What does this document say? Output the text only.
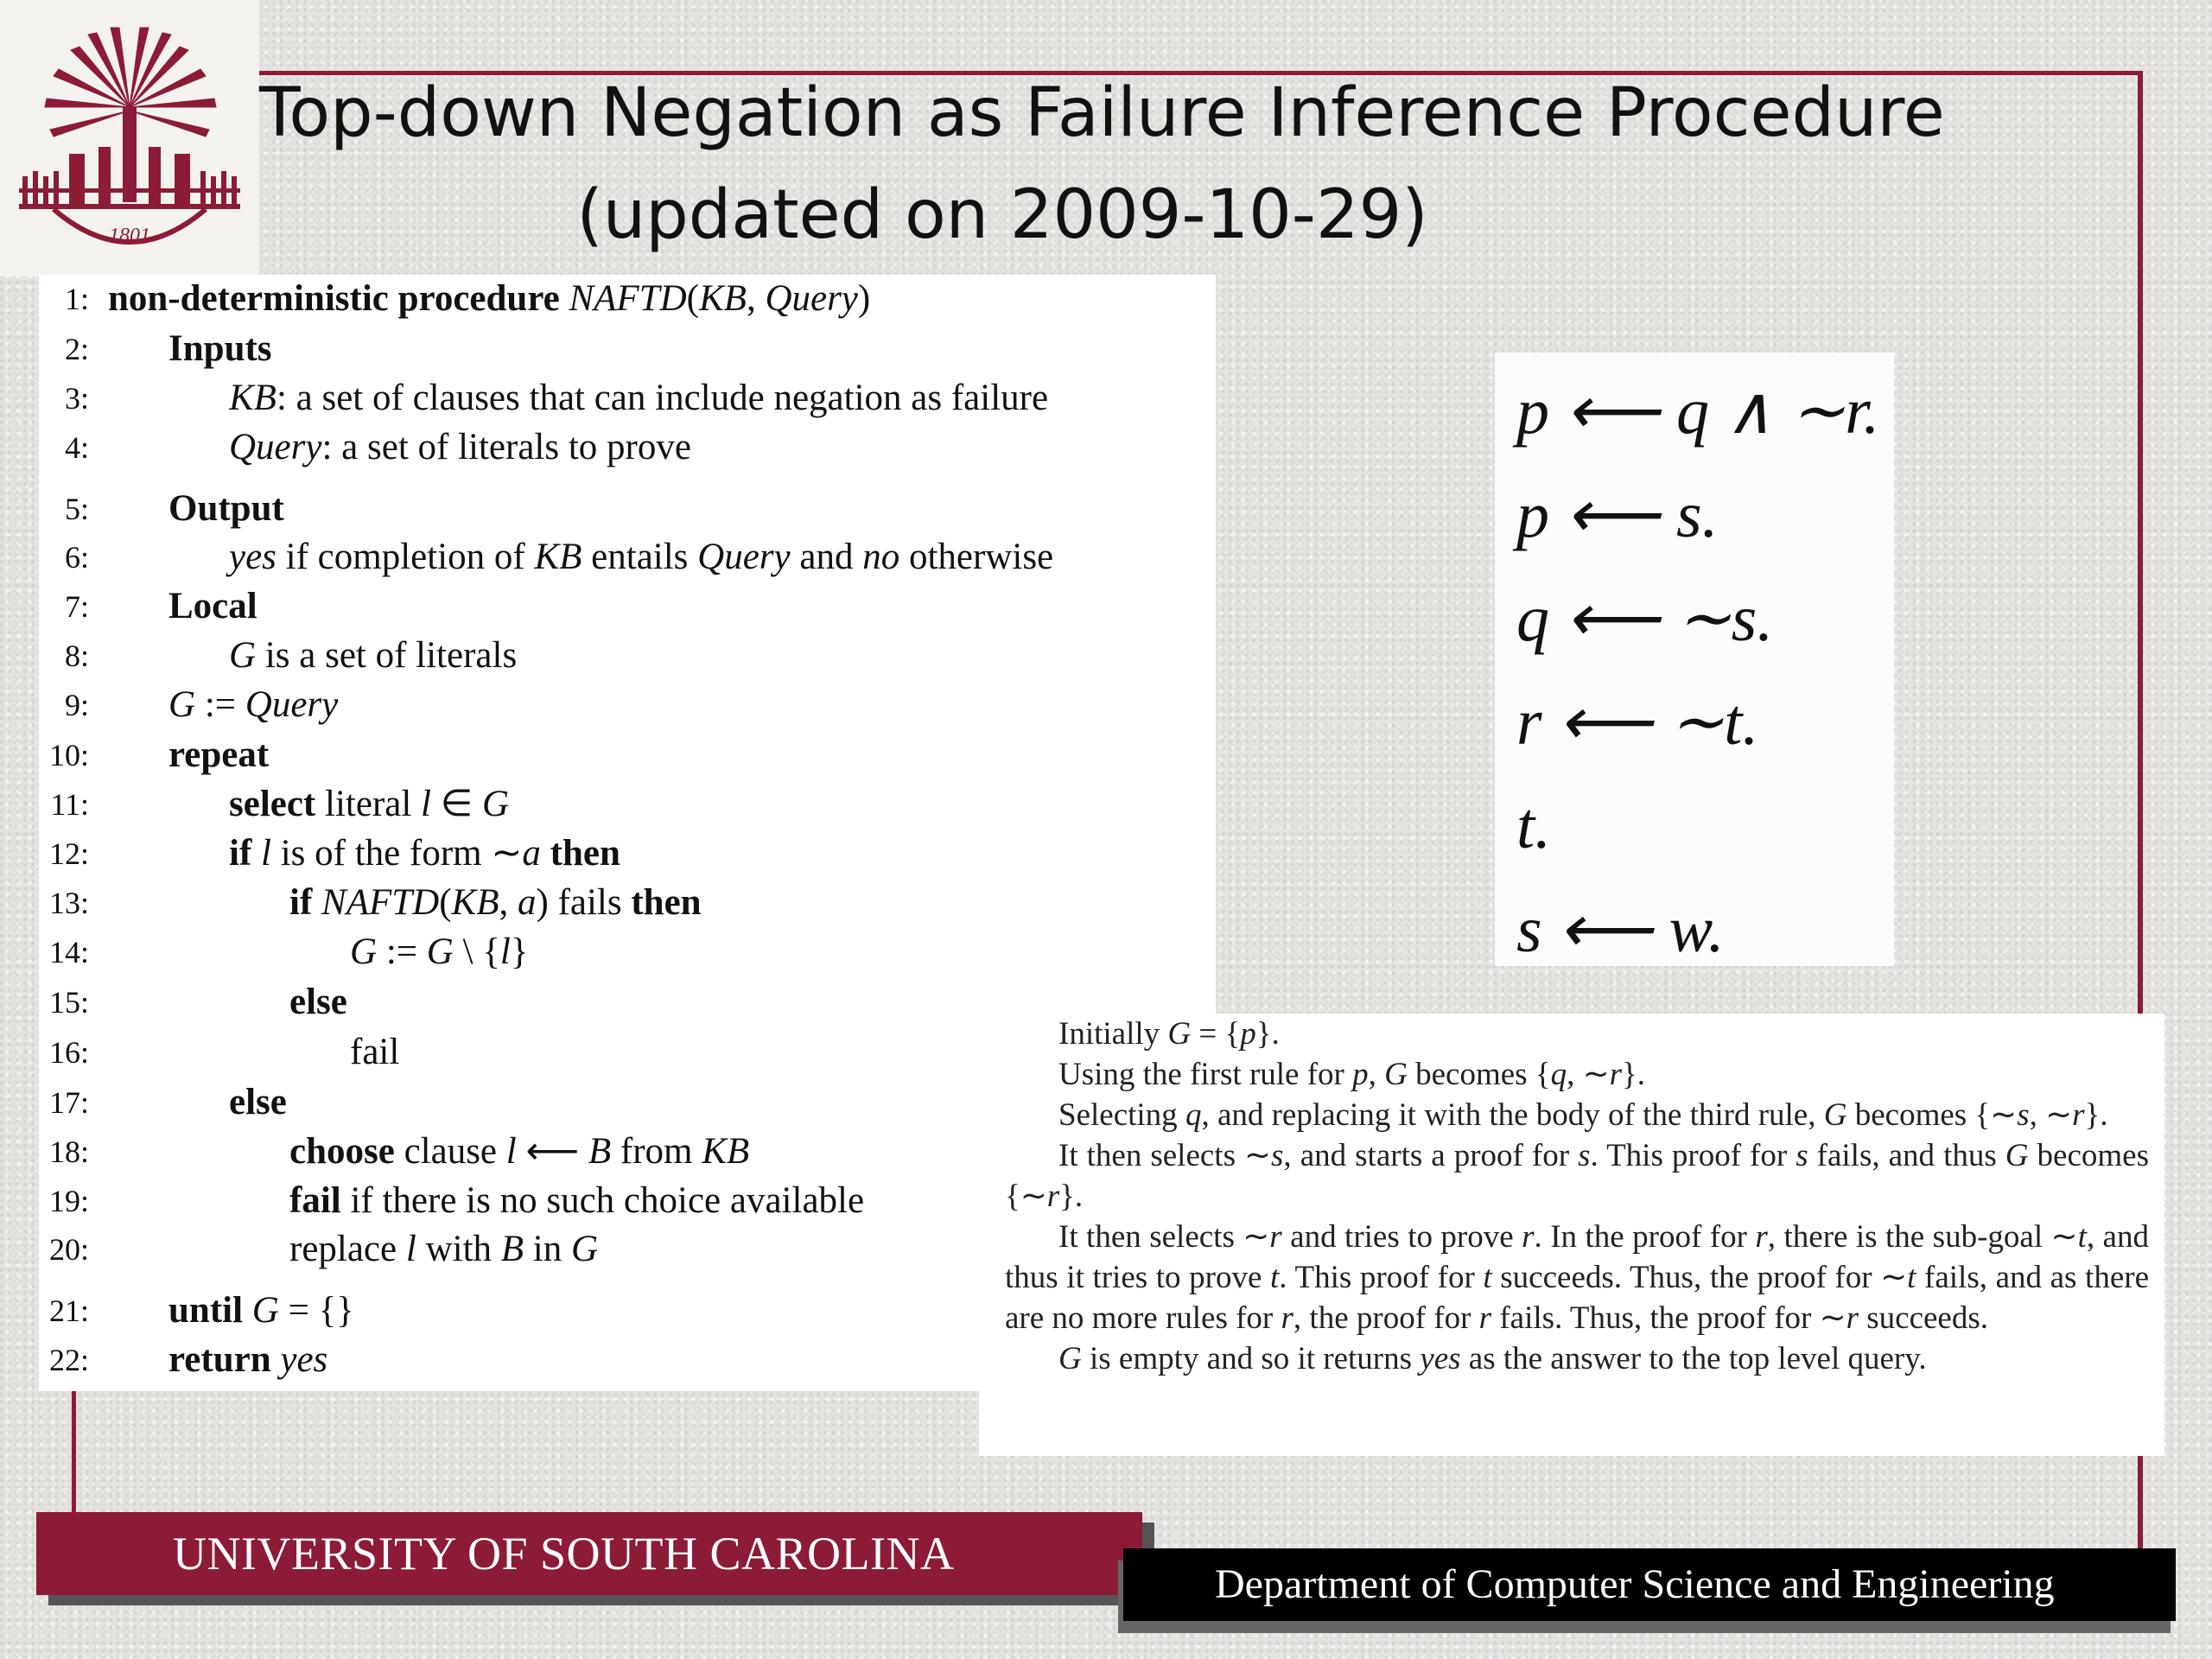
1801
Top-down Negation as Failure Inference Procedure
(updated on 2009-10-29)
1: non-deterministic procedure NAFTD(KB, Query)
2: Inputs
3:	KB: a set of clauses that can include negation as failure
4:	Query: a set of literals to prove
5: Output
6:	yes if completion of KB entails Query and no otherwise
7: Local
8:	G is a set of literals
9: G := Query
10: repeat
11:	select literal l ∈ G
12:	if l is of the form ∼a then
13:	if NAFTD(KB, a) fails then
14:	G := G \ {l}
15:	else
16:	fail
17:	else
18:	choose clause l ⟵ B from KB
19:	fail if there is no such choice available
20:	replace l with B in G
21: until G = {}
22: return yes
p ⟵ q ∧ ∼r.
p ⟵ s.
q ⟵ ∼s.
r ⟵ ∼t.
t.
s ⟵ w.

Initially G = {p}.

Using the first rule for p, G becomes {q, ∼r}.

Selecting q, and replacing it with the body of the third rule, G becomes {∼s, ∼r}.

It then selects ∼s, and starts a proof for s. This proof for s fails, and thus G becomes {∼r}.

It then selects ∼r and tries to prove r. In the proof for r, there is the sub-goal ∼t, and thus it tries to prove t. This proof for t succeeds. Thus, the proof for ∼t fails, and as there are no more rules for r, the proof for r fails. Thus, the proof for ∼r succeeds.

G is empty and so it returns yes as the answer to the top level query.

UNIVERSITY OF SOUTH CAROLINA
Department of Computer Science and Engineering
